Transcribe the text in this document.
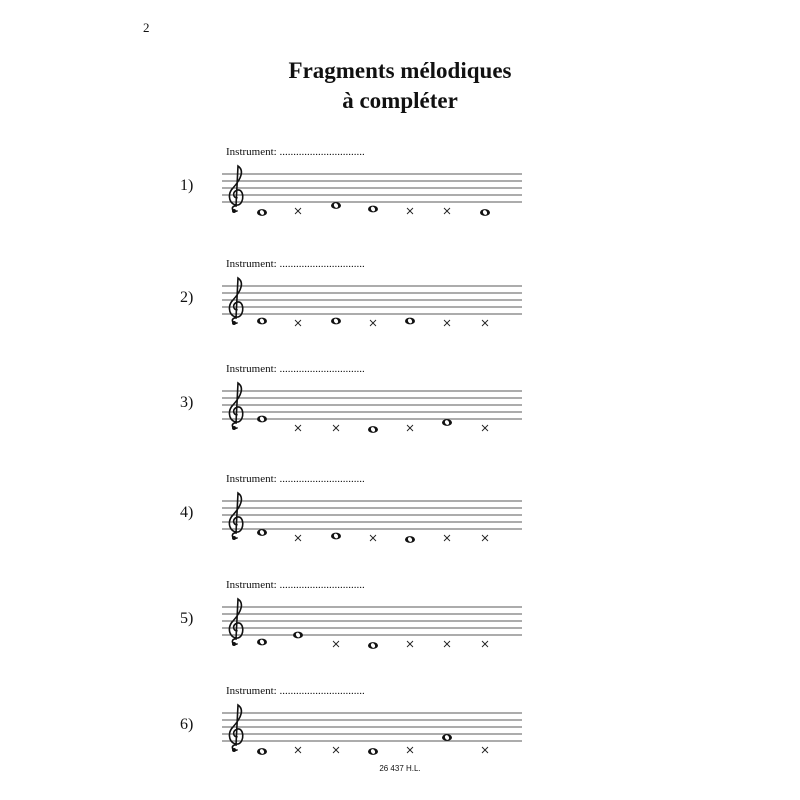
2
Fragments mélodiques
à compléter
Instrument: ...............................
1)
Instrument: ...............................
2)
Instrument: ...............................
3)
Instrument: ...............................
4)
Instrument: ...............................
5)
Instrument: ...............................
6)
26 437 H.L.
